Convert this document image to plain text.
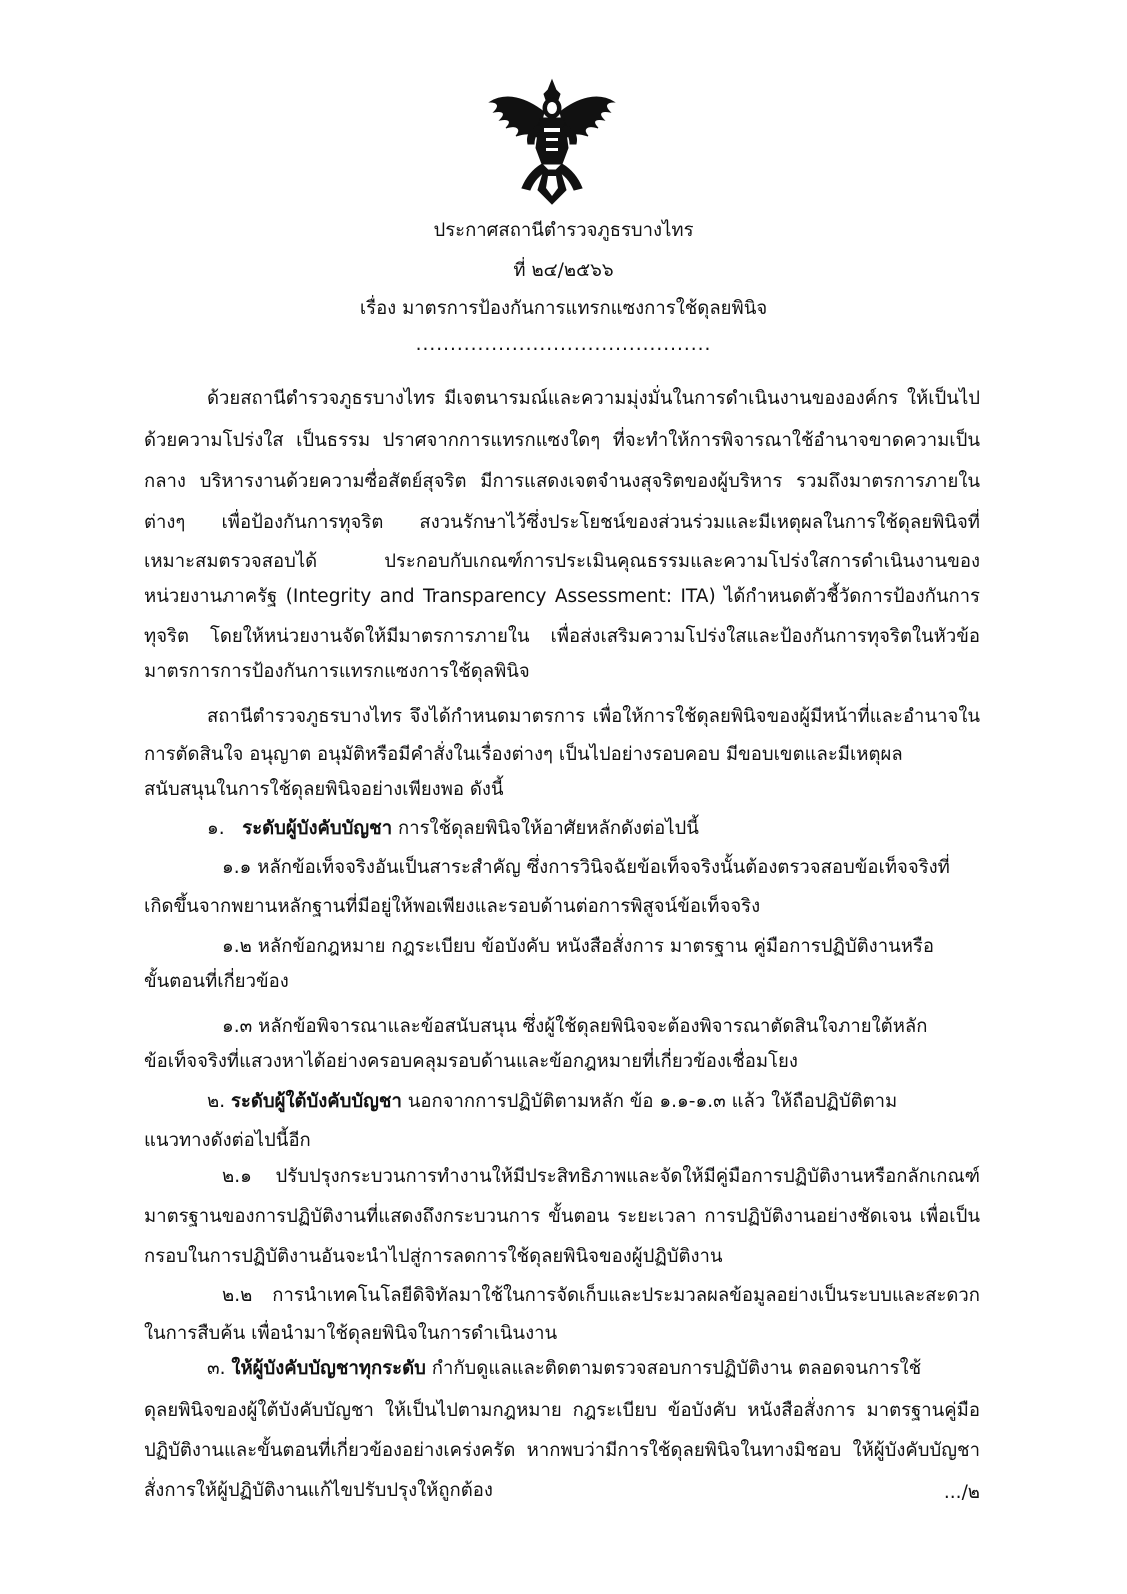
ประกาศสถานีตำรวจภูธรบางไทร
ที่ ๒๔/๒๕๖๖
เรื่อง มาตรการป้องกันการแทรกแซงการใช้ดุลยพินิจ
...........................................
ด้วยสถานีตำรวจภูธรบางไทร มีเจตนารมณ์และความมุ่งมั่นในการดำเนินงานขององค์กร ให้เป็นไป
ด้วยความโปร่งใส เป็นธรรม ปราศจากการแทรกแซงใดๆ ที่จะทำให้การพิจารณาใช้อำนาจขาดความเป็น
กลาง บริหารงานด้วยความซื่อสัตย์สุจริต มีการแสดงเจตจำนงสุจริตของผู้บริหาร รวมถึงมาตรการภายใน
ต่างๆ เพื่อป้องกันการทุจริต สงวนรักษาไว้ซึ่งประโยชน์ของส่วนร่วมและมีเหตุผลในการใช้ดุลยพินิจที่
เหมาะสมตรวจสอบได้ ประกอบกับเกณฑ์การประเมินคุณธรรมและความโปร่งใสการดำเนินงานของ
หน่วยงานภาครัฐ (Integrity and Transparency Assessment: ITA) ได้กำหนดตัวชี้วัดการป้องกันการ
ทุจริต โดยให้หน่วยงานจัดให้มีมาตรการภายใน เพื่อส่งเสริมความโปร่งใสและป้องกันการทุจริตในหัวข้อ
มาตรการการป้องกันการแทรกแซงการใช้ดุลพินิจ
สถานีตำรวจภูธรบางไทร จึงได้กำหนดมาตรการ เพื่อให้การใช้ดุลยพินิจของผู้มีหน้าที่และอำนาจใน
การตัดสินใจ อนุญาต อนุมัติหรือมีคำสั่งในเรื่องต่างๆ เป็นไปอย่างรอบคอบ มีขอบเขตและมีเหตุผล
สนับสนุนในการใช้ดุลยพินิจอย่างเพียงพอ ดังนี้
๑. ระดับผู้บังคับบัญชา การใช้ดุลยพินิจให้อาศัยหลักดังต่อไปนี้
๑.๑ หลักข้อเท็จจริงอันเป็นสาระสำคัญ ซึ่งการวินิจฉัยข้อเท็จจริงนั้นต้องตรวจสอบข้อเท็จจริงที่
เกิดขึ้นจากพยานหลักฐานที่มีอยู่ให้พอเพียงและรอบด้านต่อการพิสูจน์ข้อเท็จจริง
๑.๒ หลักข้อกฎหมาย กฎระเบียบ ข้อบังคับ หนังสือสั่งการ มาตรฐาน คู่มือการปฏิบัติงานหรือ
ขั้นตอนที่เกี่ยวข้อง
๑.๓ หลักข้อพิจารณาและข้อสนับสนุน ซึ่งผู้ใช้ดุลยพินิจจะต้องพิจารณาตัดสินใจภายใต้หลัก
ข้อเท็จจริงที่แสวงหาได้อย่างครอบคลุมรอบด้านและข้อกฎหมายที่เกี่ยวข้องเชื่อมโยง
๒. ระดับผู้ใต้บังคับบัญชา นอกจากการปฏิบัติตามหลัก ข้อ ๑.๑-๑.๓ แล้ว ให้ถือปฏิบัติตาม
แนวทางดังต่อไปนี้อีก
๒.๑ ปรับปรุงกระบวนการทำงานให้มีประสิทธิภาพและจัดให้มีคู่มือการปฏิบัติงานหรือกลักเกณฑ์
มาตรฐานของการปฏิบัติงานที่แสดงถึงกระบวนการ ขั้นตอน ระยะเวลา การปฏิบัติงานอย่างชัดเจน เพื่อเป็น
กรอบในการปฏิบัติงานอันจะนำไปสู่การลดการใช้ดุลยพินิจของผู้ปฏิบัติงาน
๒.๒ การนำเทคโนโลยีดิจิทัลมาใช้ในการจัดเก็บและประมวลผลข้อมูลอย่างเป็นระบบและสะดวก
ในการสืบค้น เพื่อนำมาใช้ดุลยพินิจในการดำเนินงาน
๓. ให้ผู้บังคับบัญชาทุกระดับ กำกับดูแลและติดตามตรวจสอบการปฏิบัติงาน ตลอดจนการใช้
ดุลยพินิจของผู้ใต้บังคับบัญชา ให้เป็นไปตามกฎหมาย กฎระเบียบ ข้อบังคับ หนังสือสั่งการ มาตรฐานคู่มือ
ปฏิบัติงานและขั้นตอนที่เกี่ยวข้องอย่างเคร่งครัด หากพบว่ามีการใช้ดุลยพินิจในทางมิชอบ ให้ผู้บังคับบัญชา
สั่งการให้ผู้ปฏิบัติงานแก้ไขปรับปรุงให้ถูกต้อง	.../๒
